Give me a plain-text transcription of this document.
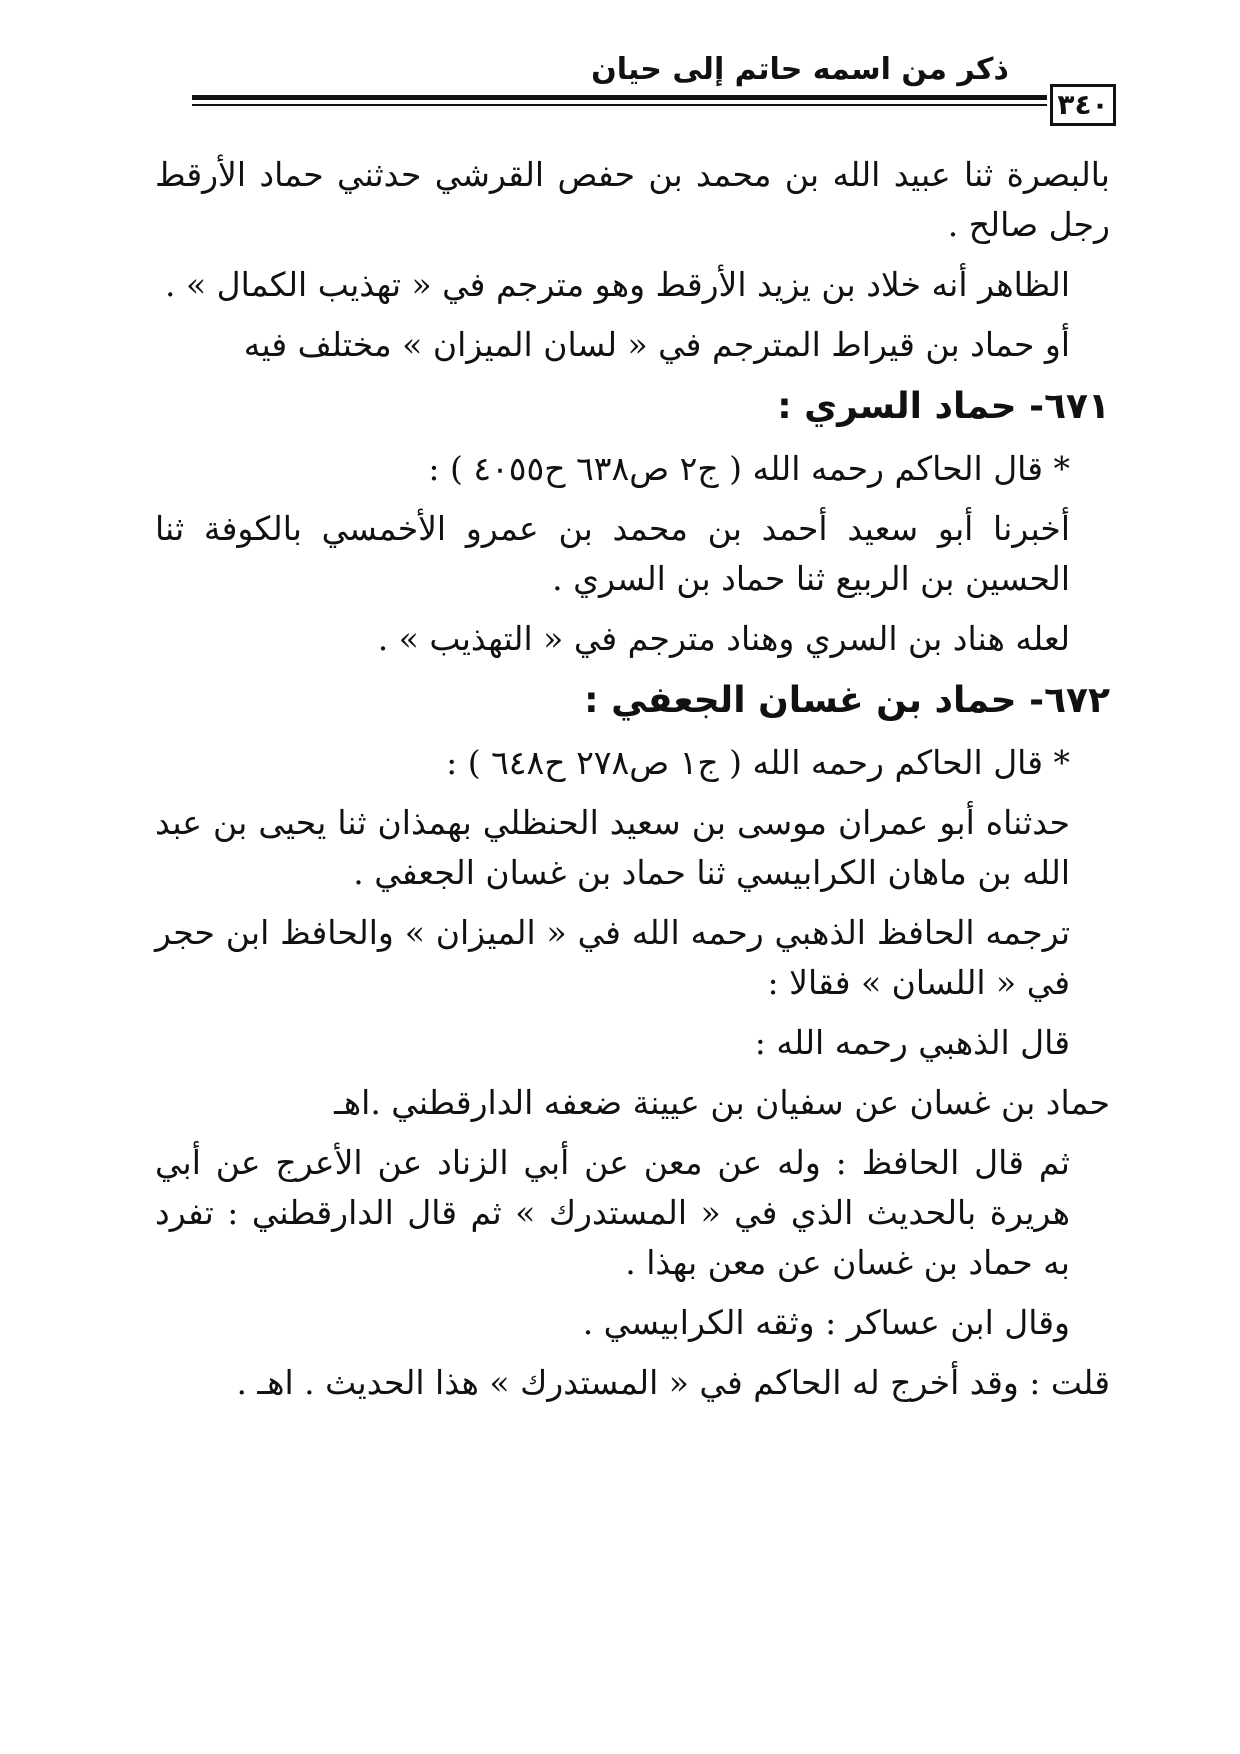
ذكر من اسمه حاتم إلى حيان
٣٤٠

بالبصرة ثنا عبيد الله بن محمد بن حفص القرشي حدثني حماد الأرقط رجل صالح .

الظاهر أنه خلاد بن يزيد الأرقط وهو مترجم في « تهذيب الكمال » .

أو حماد بن قيراط المترجم في « لسان الميزان » مختلف فيه

٦٧١- حماد السري :

* قال الحاكم رحمه الله ( ج٢ ص٦٣٨ ح٤٠٥٥ ) :

أخبرنا أبو سعيد أحمد بن محمد بن عمرو الأخمسي بالكوفة ثنا الحسين بن الربيع ثنا حماد بن السري .

لعله هناد بن السري وهناد مترجم في « التهذيب » .

٦٧٢- حماد بن غسان الجعفي :

* قال الحاكم رحمه الله ( ج١ ص٢٧٨ ح٦٤٨ ) :

حدثناه أبو عمران موسى بن سعيد الحنظلي بهمذان ثنا يحيى بن عبد الله بن ماهان الكرابيسي ثنا حماد بن غسان الجعفي .

ترجمه الحافظ الذهبي رحمه الله في « الميزان » والحافظ ابن حجر في « اللسان » فقالا :

قال الذهبي رحمه الله :

حماد بن غسان عن سفيان بن عيينة ضعفه الدارقطني .اهـ

ثم قال الحافظ : وله عن معن عن أبي الزناد عن الأعرج عن أبي هريرة بالحديث الذي في « المستدرك » ثم قال الدارقطني : تفرد به حماد بن غسان عن معن بهذا .

وقال ابن عساكر : وثقه الكرابيسي .

قلت : وقد أخرج له الحاكم في « المستدرك » هذا الحديث . اهـ .
